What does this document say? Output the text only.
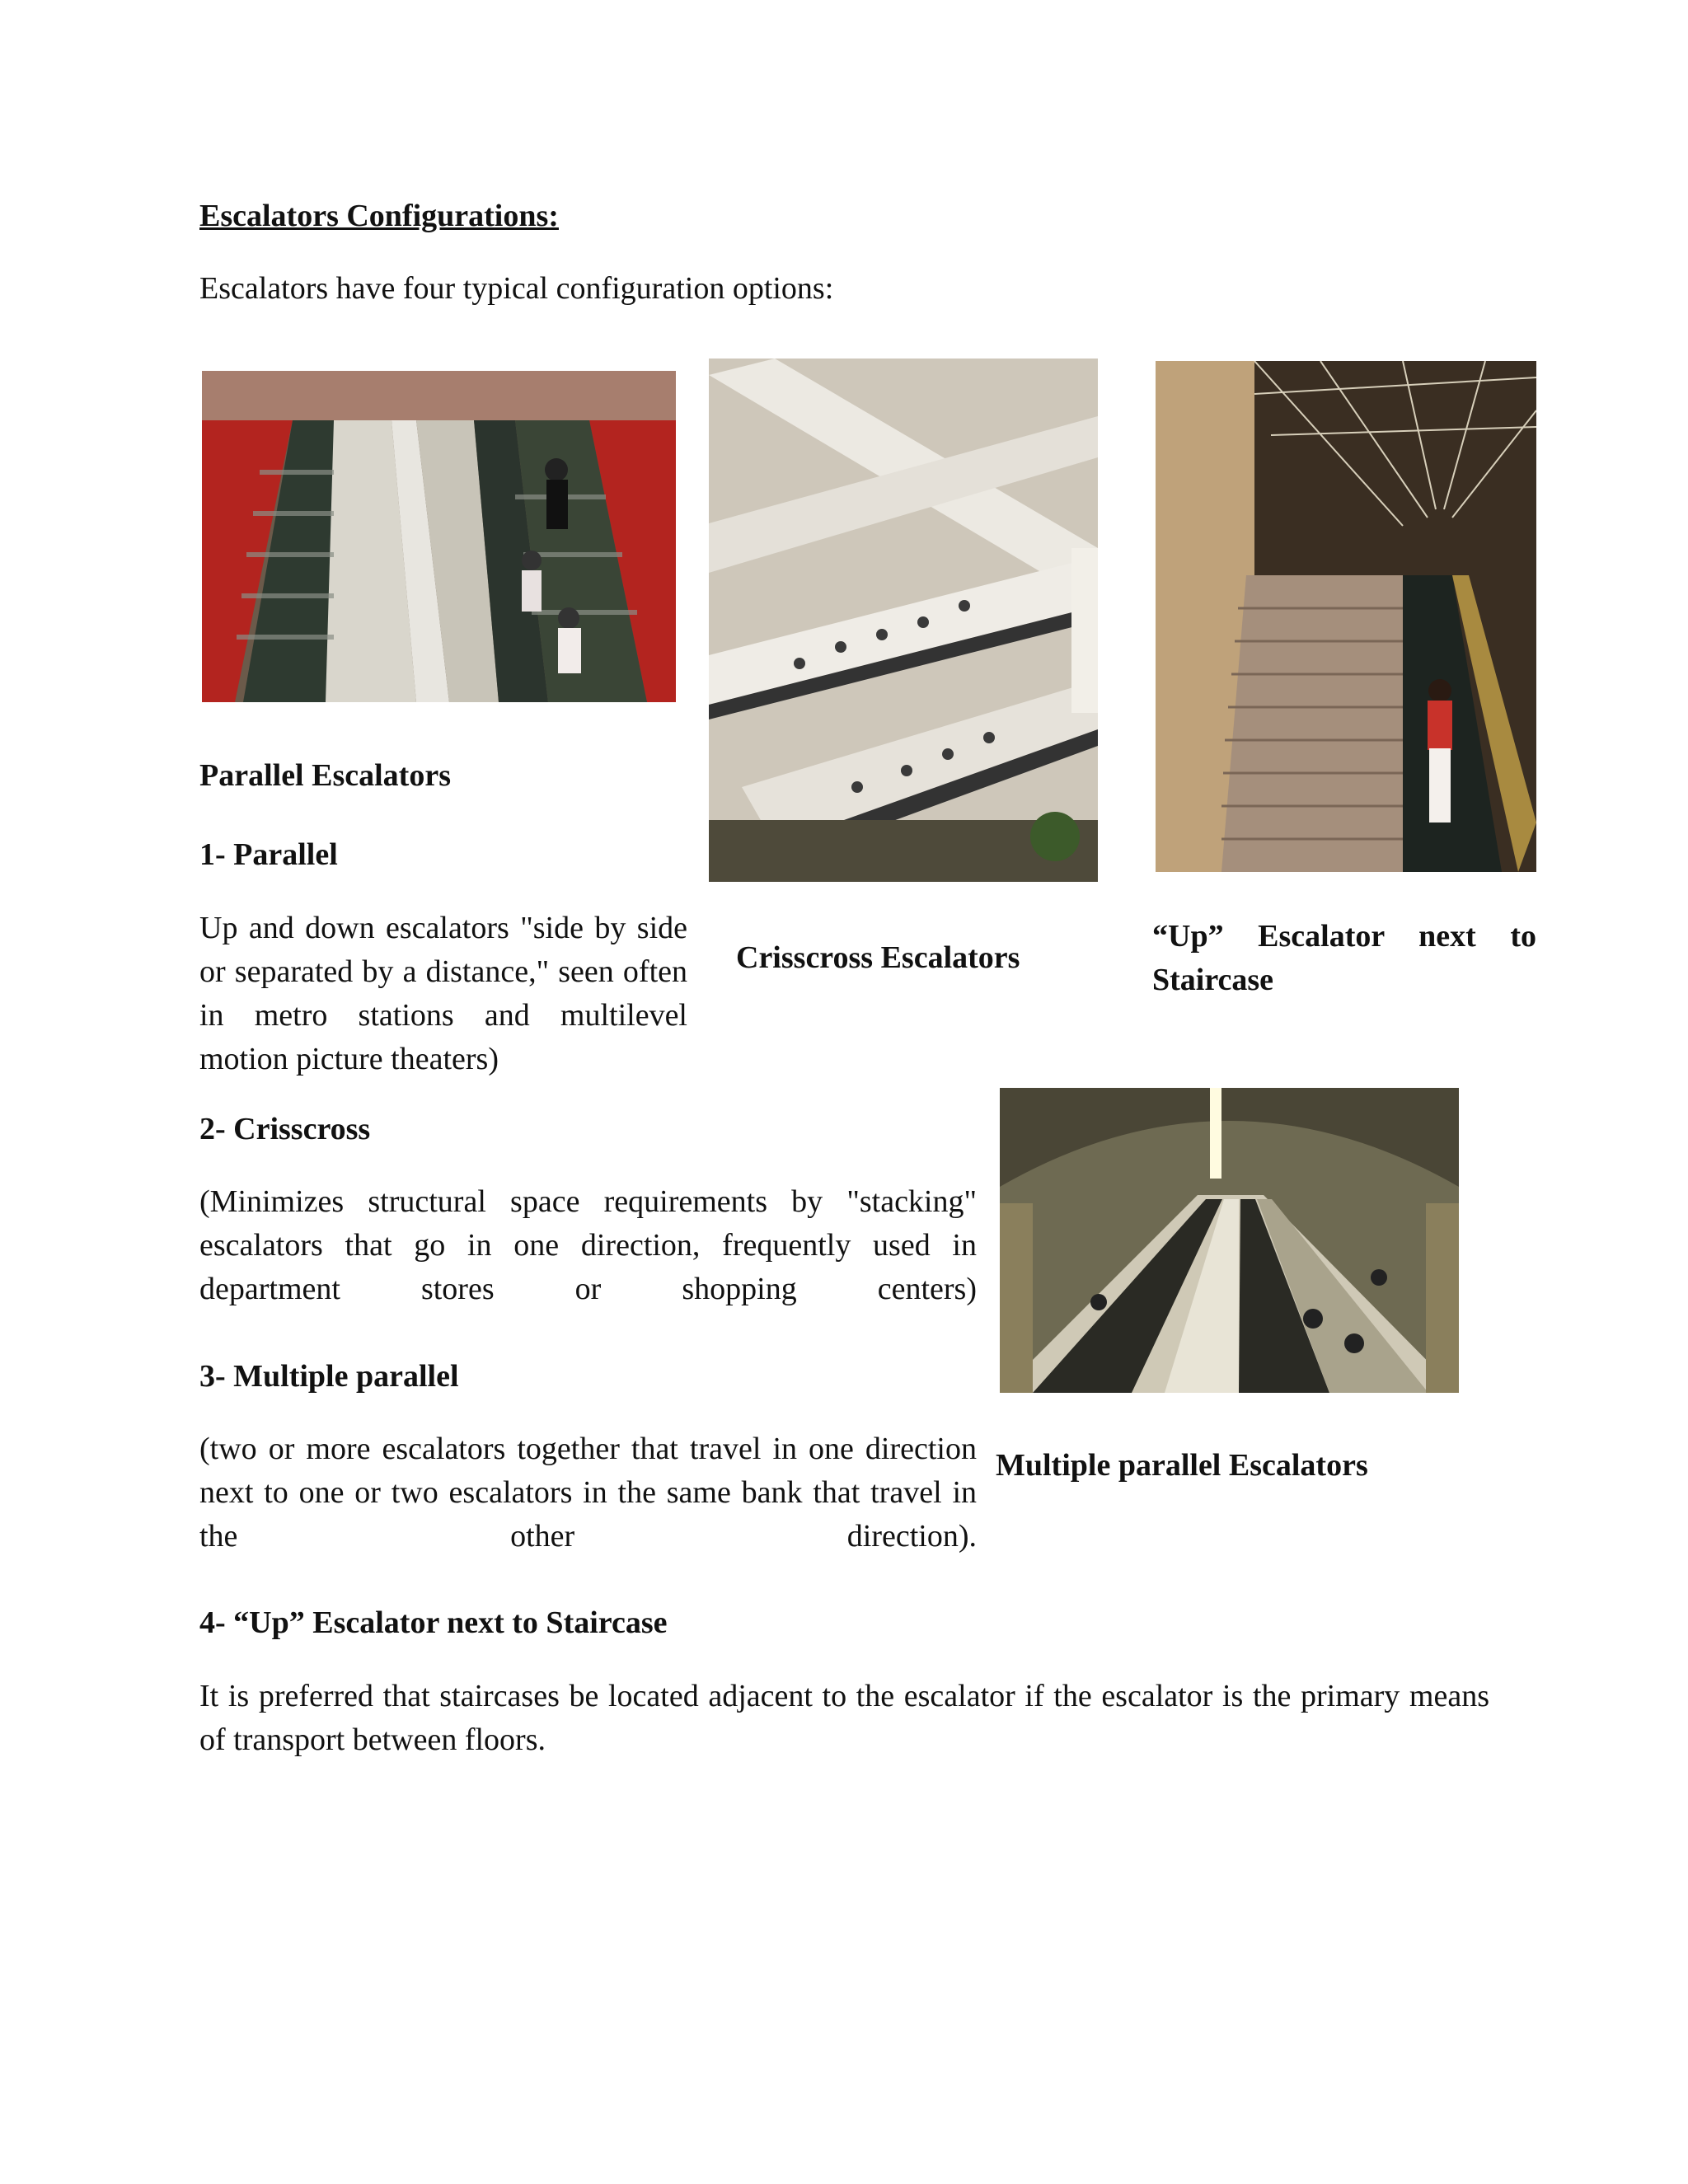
Escalators Configurations:
Escalators have four typical configuration options:
Parallel Escalators
Crisscross Escalators
“Up” Escalator next to Staircase
Multiple parallel Escalators
1- Parallel
Up and down escalators "side by side or separated by a distance," seen often in metro stations and multilevel motion picture theaters)
2- Crisscross
(Minimizes structural space requirements by "stacking" escalators that go in one direction, frequently used in department stores or shopping centers)
3- Multiple parallel
(two or more escalators together that travel in one direction next to one or two escalators in the same bank that travel in the other direction).
4- “Up” Escalator next to Staircase
It is preferred that staircases be located adjacent to the escalator if the escalator is the primary means of transport between floors.
